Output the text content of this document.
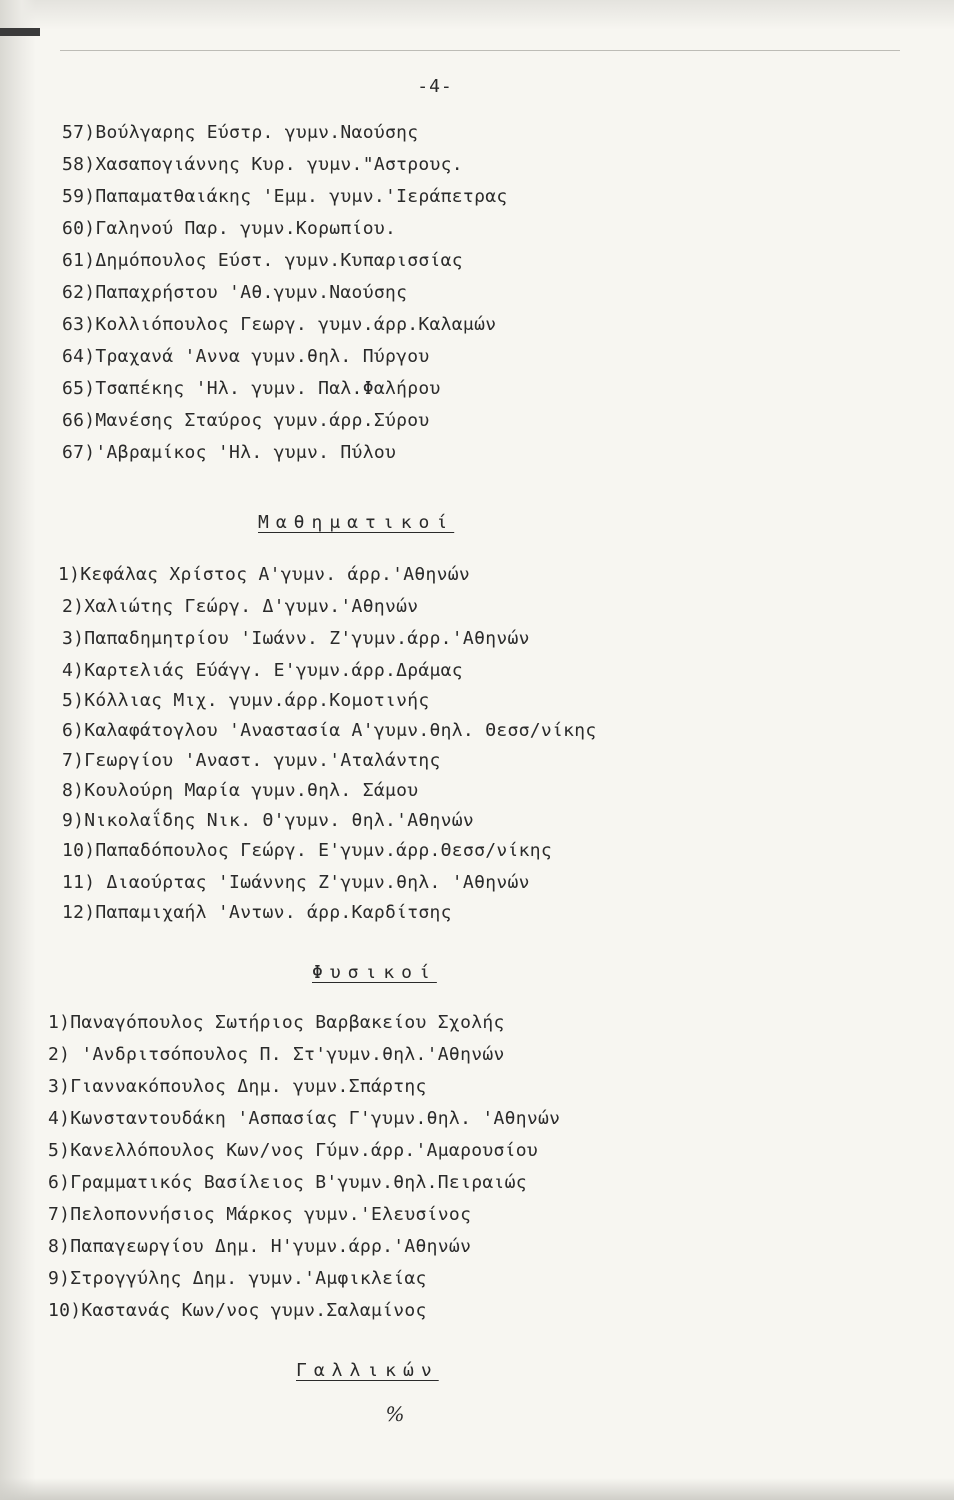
-4-
57)Βούλγαρης Εύστρ. γυμν.Ναούσης
58)Χασαπογιάννης Κυρ. γυμν."Αστρους.
59)Παπαματθαιάκης 'Εμμ. γυμν.'Ιεράπετρας
60)Γαληνού Παρ. γυμν.Κορωπίου.
61)Δημόπουλος Εύστ. γυμν.Κυπαρισσίας
62)Παπαχρήστου 'Αθ.γυμν.Ναούσης
63)Κολλιόπουλος Γεωργ. γυμν.άρρ.Καλαμών
64)Τραχανά 'Αννα γυμν.θηλ. Πύργου
65)Τσαπέκης 'Ηλ. γυμν. Παλ.Φαλήρου
66)Μανέσης Σταύρος γυμν.άρρ.Σύρου
67)'Αβραμίκος 'Ηλ. γυμν. Πύλου
Μαθηματικοί
1)Κεφάλας Χρίστος Α'γυμν. άρρ.'Αθηνών
2)Χαλιώτης Γεώργ. Δ'γυμν.'Αθηνών
3)Παπαδημητρίου 'Ιωάνν. Ζ'γυμν.άρρ.'Αθηνών
4)Καρτελιάς Εύάγγ. Ε'γυμν.άρρ.Δράμας
5)Κόλλιας Μιχ. γυμν.άρρ.Κομοτινής
6)Καλαφάτογλου 'Αναστασία Α'γυμν.θηλ. Θεσσ/νίκης
7)Γεωργίου 'Αναστ. γυμν.'Αταλάντης
8)Κουλούρη Μαρία γυμν.θηλ. Σάμου
9)Νικολαΐδης Νικ. Θ'γυμν. θηλ.'Αθηνών
10)Παπαδόπουλος Γεώργ. Ε'γυμν.άρρ.Θεσσ/νίκης
11) Διαούρτας 'Ιωάννης Ζ'γυμν.θηλ. 'Αθηνών
12)Παπαμιχαήλ 'Αντων. άρρ.Καρδίτσης
Φυσικοί
1)Παναγόπουλος Σωτήριος Βαρβακείου Σχολής
2) 'Ανδριτσόπουλος Π. Στ'γυμν.θηλ.'Αθηνών
3)Γιαννακόπουλος Δημ. γυμν.Σπάρτης
4)Κωνσταντουδάκη 'Ασπασίας Γ'γυμν.θηλ. 'Αθηνών
5)Κανελλόπουλος Κων/νος Γύμν.άρρ.'Αμαρουσίου
6)Γραμματικός Βασίλειος Β'γυμν.θηλ.Πειραιώς
7)Πελοποννήσιος Μάρκος γυμν.'Ελευσίνος
8)Παπαγεωργίου Δημ. Η'γυμν.άρρ.'Αθηνών
9)Στρογγύλης Δημ. γυμν.'Αμφικλείας
10)Καστανάς Κων/νος γυμν.Σαλαμίνος
Γαλλικών
%
